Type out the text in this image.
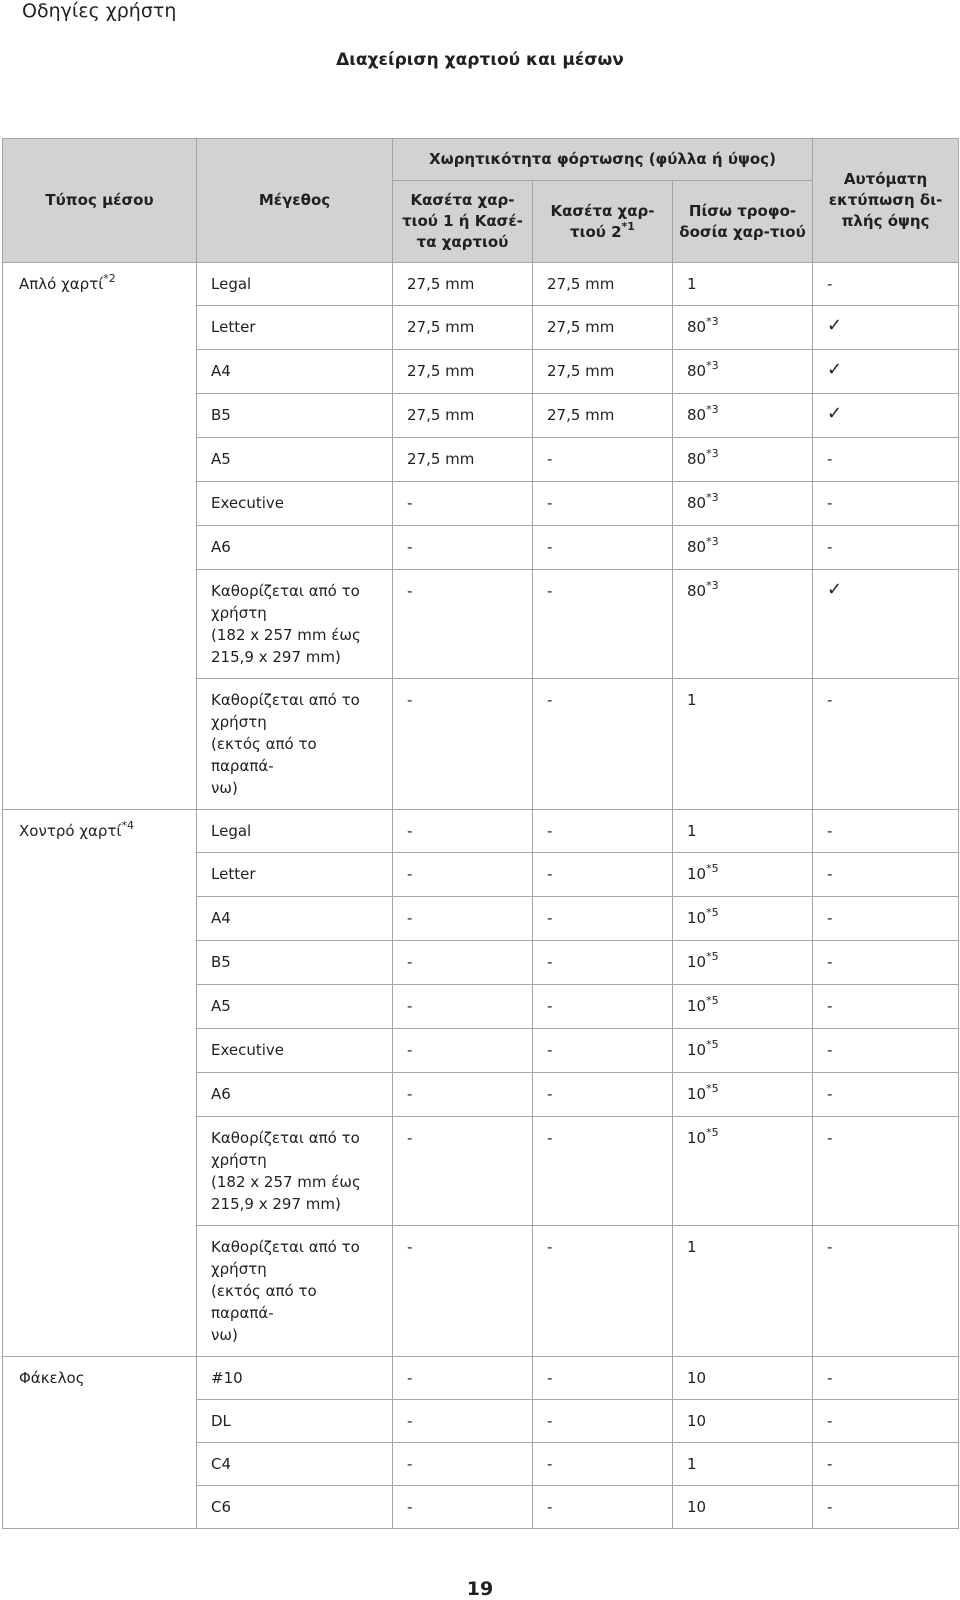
Οδηγίες χρήστη
Διαχείριση χαρτιού και μέσων
Τύπος μέσου	Μέγεθος	Χωρητικότητα φόρτωσης (φύλλα ή ύψος)			Αυτόματη εκτύπωση δι-πλής όψης
		Κασέτα χαρ-τιού 1 ή Κασέ-τα χαρτιού	Κασέτα χαρ-τιού 2$^{*1}$	Πίσω τροφο-δοσία χαρ-τιού	
Απλό χαρτί$^{*2}$	Legal	27,5 mm	27,5 mm	1	-
	Letter	27,5 mm	27,5 mm	80$^{*3}$	✓
	A4	27,5 mm	27,5 mm	80$^{*3}$	✓
	B5	27,5 mm	27,5 mm	80$^{*3}$	✓
	A5	27,5 mm	-	80$^{*3}$	-
	Executive	-	-	80$^{*3}$	-
	A6	-	-	80$^{*3}$	-

	Καθορίζεται από το
χρήστη
(182 x 257 mm έως
215,9 x 297 mm)	-	-	80$^{*3}$	✓

	Καθορίζεται από το
χρήστη
(εκτός από το παραπά-
νω)	-	-	1	-
Χοντρό χαρτί$^{*4}$	Legal	-	-	1	-
	Letter	-	-	10$^{*5}$	-
	A4	-	-	10$^{*5}$	-
	B5	-	-	10$^{*5}$	-
	A5	-	-	10$^{*5}$	-
	Executive	-	-	10$^{*5}$	-
	A6	-	-	10$^{*5}$	-

	Καθορίζεται από το
χρήστη
(182 x 257 mm έως
215,9 x 297 mm)	-	-	10$^{*5}$	-

	Καθορίζεται από το
χρήστη
(εκτός από το παραπά-
νω)	-	-	1	-
Φάκελος	#10	-	-	10	-
	DL	-	-	10	-
	C4	-	-	1	-
	C6	-	-	10	-
19
